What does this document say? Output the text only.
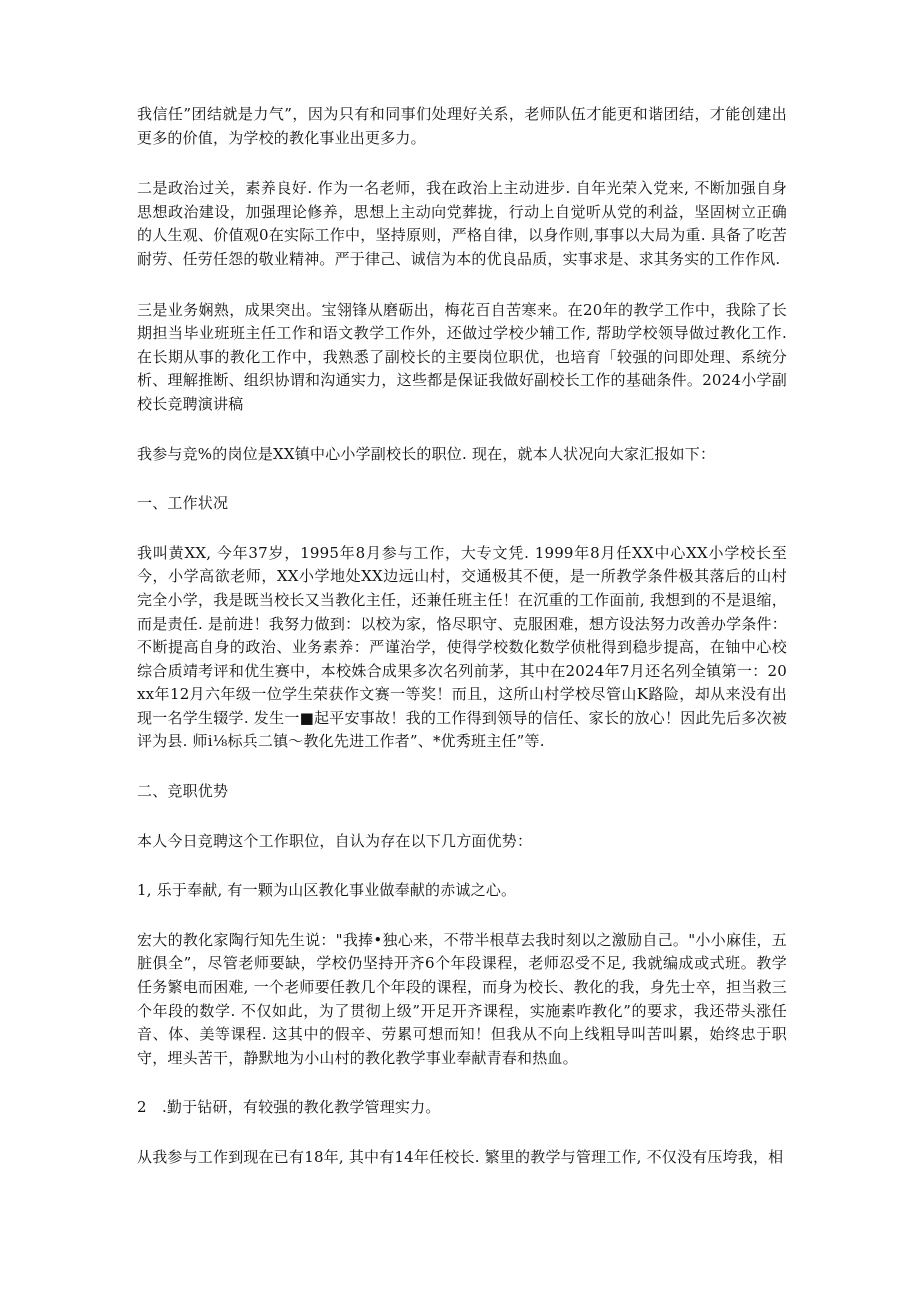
我信任”团结就是力气”，因为只有和同事们处理好关系，老师队伍才能更和谐团结，才能创建出更多的价值，为学校的教化事业出更多力。

二是政治过关，素养良好. 作为一名老师，我在政治上主动进步. 自年光荣入党来, 不断加强自身思想政治建设，加强理论修养，思想上主动向党葬拢，行动上自觉听从党的利益，坚固树立正确的人生观、价值观0在实际工作中，坚持原则，严格自律，以身作则,事事以大局为重. 具备了吃苦耐劳、任劳任怨的敬业精神。严于律己、诚信为本的优良品质，实事求是、求其务实的工作作风.

三是业务娴熟，成果突出。宝翎锋从磨砺出，梅花百自苦寒来。在20年的教学工作中，我除了长期担当毕业班班主任工作和语文教学工作外，还做过学校少辅工作, 帮助学校领导做过教化工作. 在长期从事的教化工作中，我熟悉了副校长的主要岗位职优，也培育「较强的问即处理、系统分析、理解推断、组织协谓和沟通实力，这些都是保证我做好副校长工作的基础条件。2024小学副校长竞聘演讲稿

我参与竞%的岗位是XX镇中心小学副校长的职位. 现在，就本人状况向大家汇报如下：

一、工作状况

我叫黄XX, 今年37岁，1995年8月参与工作，大专文凭. 1999年8月任XX中心XX小学校长至今，小学高欲老师，XX小学地处XX边远山村，交通极其不便，是一所教学条件极其落后的山村完全小学，我是既当校长又当教化主任，还兼任班主任！在沉重的工作面前, 我想到的不是退缩，而是责任. 是前进！我努力做到：以校为家，恪尽职守、克服困难，想方设法努力改善办学条件：不断提高自身的政治、业务素养：严谨治学，使得学校数化数学侦枇得到稳步提高，在铀中心校综合质靖考评和优生赛中，本校姝合成果多次名列前茅，其中在2024年7月还名列全镇第一：20xx年12月六年级一位学生荣获作文赛一等奖！而且，这所山村学校尽管山K路险，却从来没有出现一名学生辍学. 发生一■起平安事故！我的工作得到领导的信任、家长的放心！因此先后多次被评为县. 师i⅛标兵二镇～教化先进工作者”、*优秀班主任”等.

二、竞职优势

本人今日竞聘这个工作职位，自认为存在以下几方面优势：

1, 乐于奉献, 有一颗为山区教化事业做奉献的赤诚之心。

宏大的教化家陶行知先生说："我捧•独心来，不带半根草去我时刻以之激励自己。"小小麻佳，五脏俱全”，尽管老师要缺，学校仍坚持开齐6个年段课程，老师忍受不足, 我就编成或式班。教学任务繁电而困难, 一个老师要任教几个年段的课程，而身为校长、教化的我，身先士卒，担当救三个年段的数学. 不仅如此，为了贯彻上级”开足开齐课程，实施素咋教化”的要求，我还带头涨任音、体、美等课程. 这其中的假辛、劳累可想而知！但我从不向上线粗导叫苦叫累，始终忠于职守，埋头苦干，静默地为小山村的教化教学事业奉献青春和热血。

2　.勤于钻研，有较强的教化教学管理实力。

从我参与工作到现在已有18年, 其中有14年任校长. 繁里的教学与管理工作, 不仅没有压垮我，相
